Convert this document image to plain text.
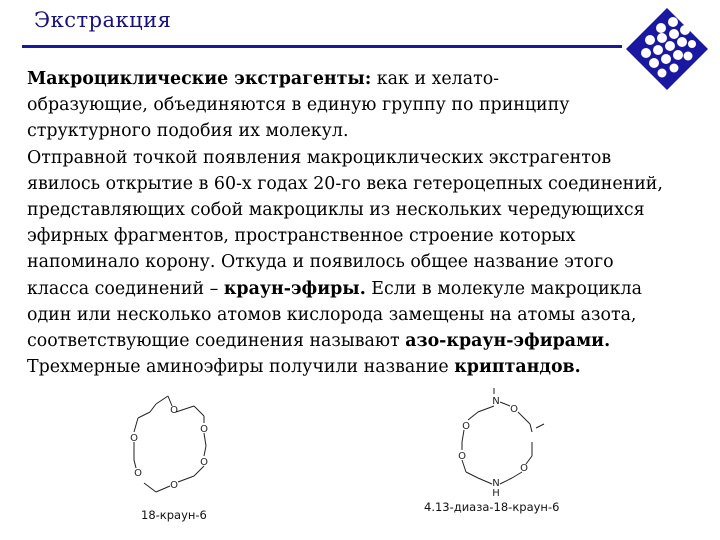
Экстракция

Макроциклические экстрагенты: как и хелато-
образующие, объединяются в единую группу по принципу
структурного подобия их молекул.

Отправной точкой появления макроциклических экстрагентов
явилось открытие в 60-х годах 20-го века гетероцепных соединений,
представляющих собой макроциклы из нескольких чередующихся
эфирных фрагментов, пространственное строение которых
напоминало корону. Откуда и появилось общее название этого
класса соединений – краун-эфиры. Если в молекуле макроцикла
один или несколько атомов кислорода замещены на атомы азота,
соответствующие соединения называют азо-краун-эфирами.

Трехмерные аминоэфиры получили название криптандов.

O
O
O
O
O
O
18-краун-6
N
O
O
N
H
O
O
4.13-диаза-18-краун-6
